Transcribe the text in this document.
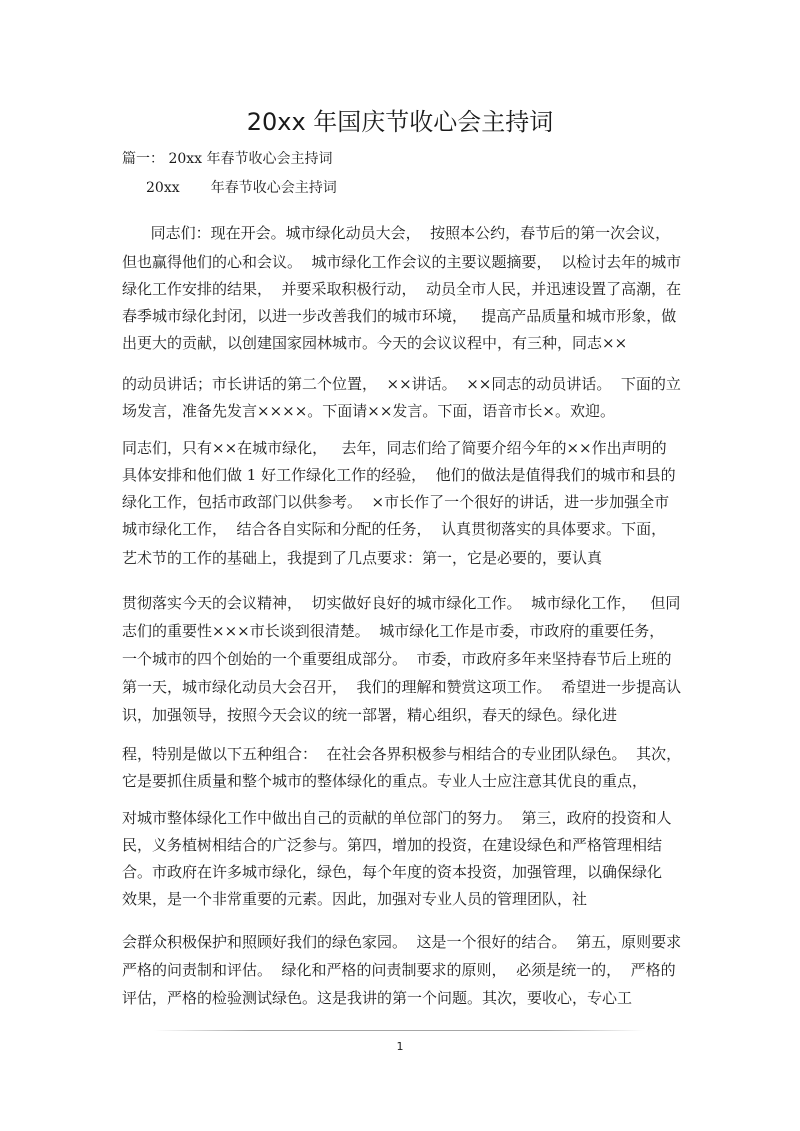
20xx 年国庆节收心会主持词
篇一： 20xx 年春节收心会主持词
20xx       年春节收心会主持词
同志们：现在开会。城市绿化动员大会，  按照本公约，春节后的第一次会议，
但也赢得他们的心和会议。  城市绿化工作会议的主要议题摘要，  以检讨去年的城市
绿化工作安排的结果，  并要采取积极行动，  动员全市人民，并迅速设置了高潮，在
春季城市绿化封闭，以进一步改善我们的城市环境，   提高产品质量和城市形象，做
出更大的贡献，以创建国家园林城市。今天的会议议程中，有三种，同志××
的动员讲话；市长讲话的第二个位置，  ××讲话。  ××同志的动员讲话。  下面的立
场发言，准备先发言××××。下面请××发言。下面，语音市长×。欢迎。
同志们，只有××在城市绿化，   去年，同志们给了简要介绍今年的××作出声明的
具体安排和他们做 1 好工作绿化工作的经验，  他们的做法是值得我们的城市和县的
绿化工作，包括市政部门以供参考。  ×市长作了一个很好的讲话，进一步加强全市
城市绿化工作，  结合各自实际和分配的任务，  认真贯彻落实的具体要求。下面，
艺术节的工作的基础上，我提到了几点要求：第一，它是必要的，要认真
贯彻落实今天的会议精神，  切实做好良好的城市绿化工作。  城市绿化工作，   但同
志们的重要性×××市长谈到很清楚。  城市绿化工作是市委，市政府的重要任务，
一个城市的四个创始的一个重要组成部分。  市委，市政府多年来坚持春节后上班的
第一天，城市绿化动员大会召开，  我们的理解和赞赏这项工作。  希望进一步提高认
识，加强领导，按照今天会议的统一部署，精心组织，春天的绿色。绿化进
程，特别是做以下五种组合：  在社会各界积极参与相结合的专业团队绿色。  其次，
它是要抓住质量和整个城市的整体绿化的重点。专业人士应注意其优良的重点，
对城市整体绿化工作中做出自己的贡献的单位部门的努力。  第三，政府的投资和人
民，义务植树相结合的广泛参与。第四，增加的投资，在建设绿色和严格管理相结
合。市政府在许多城市绿化，绿色，每个年度的资本投资，加强管理，以确保绿化
效果，是一个非常重要的元素。因此，加强对专业人员的管理团队，社
会群众积极保护和照顾好我们的绿色家园。  这是一个很好的结合。  第五，原则要求
严格的问责制和评估。  绿化和严格的问责制要求的原则，  必须是统一的，  严格的
评估，严格的检验测试绿色。这是我讲的第一个问题。其次，要收心，专心工
1
